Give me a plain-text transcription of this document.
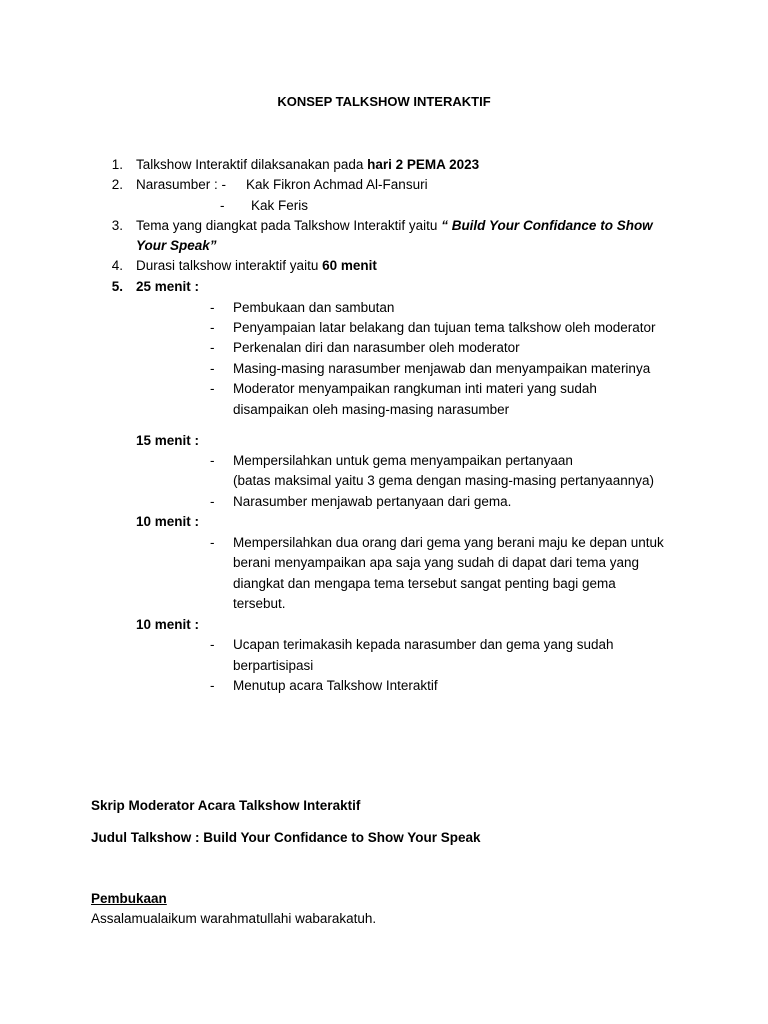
KONSEP TALKSHOW INTERAKTIF
1. Talkshow Interaktif dilaksanakan pada hari 2 PEMA 2023
2. Narasumber : - Kak Fikron Achmad Al-Fansuri
- Kak Feris
3. Tema yang diangkat pada Talkshow Interaktif yaitu “ Build Your Confidance to Show
Your Speak”
4. Durasi talkshow interaktif yaitu 60 menit
5. 25 menit :
- Pembukaan dan sambutan
- Penyampaian latar belakang dan tujuan tema talkshow oleh moderator
- Perkenalan diri dan narasumber oleh moderator
- Masing-masing narasumber menjawab dan menyampaikan materinya
- Moderator menyampaikan rangkuman inti materi yang sudah
disampaikan oleh masing-masing narasumber
15 menit :
- Mempersilahkan untuk gema menyampaikan pertanyaan
(batas maksimal yaitu 3 gema dengan masing-masing pertanyaannya)
- Narasumber menjawab pertanyaan dari gema.
10 menit :
- Mempersilahkan dua orang dari gema yang berani maju ke depan untuk
berani menyampaikan apa saja yang sudah di dapat dari tema yang
diangkat dan mengapa tema tersebut sangat penting bagi gema
tersebut.
10 menit :
- Ucapan terimakasih kepada narasumber dan gema yang sudah
berpartisipasi
- Menutup acara Talkshow Interaktif
Skrip Moderator Acara Talkshow Interaktif
Judul Talkshow : Build Your Confidance to Show Your Speak
Pembukaan
Assalamualaikum warahmatullahi wabarakatuh.
